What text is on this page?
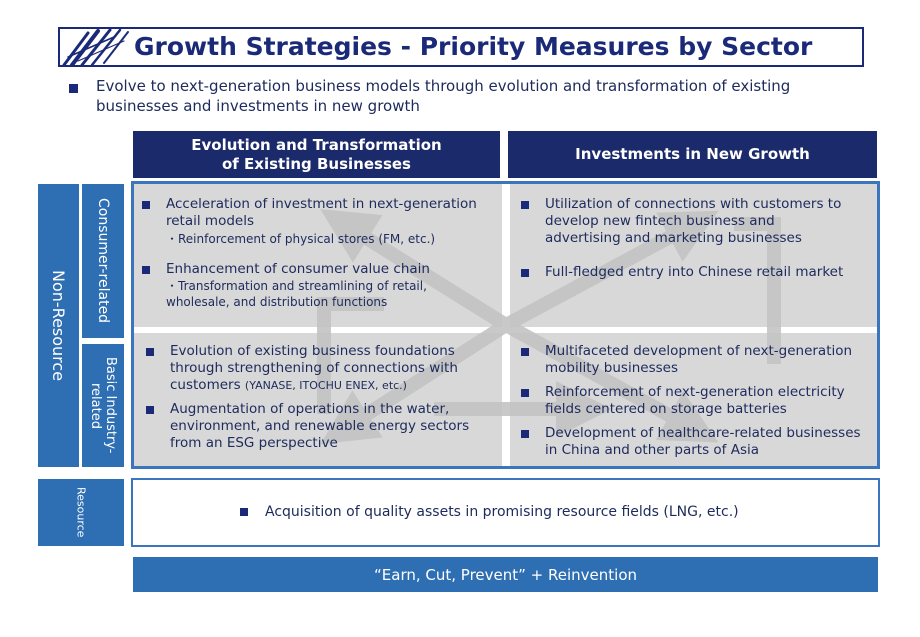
Growth Strategies - Priority Measures by Sector
Evolve to next-generation business models through evolution and transformation of existing businesses and investments in new growth
Evolution and Transformation of Existing Businesses
Investments in New Growth
Non-Resource
Consumer-related
Basic Industry-related
Resource
Acceleration of investment in next-generation retail models
・Reinforcement of physical stores (FM, etc.)
Enhancement of consumer value chain
・Transformation and streamlining of retail, wholesale, and distribution functions
Utilization of connections with customers to develop new fintech business and advertising and marketing businesses
Full-fledged entry into Chinese retail market
Evolution of existing business foundations through strengthening of connections with customers (YANASE, ITOCHU ENEX, etc.)
Augmentation of operations in the water, environment, and renewable energy sectors from an ESG perspective
Multifaceted development of next-generation mobility businesses
Reinforcement of next-generation electricity fields centered on storage batteries
Development of healthcare-related businesses in China and other parts of Asia
Acquisition of quality assets in promising resource fields (LNG, etc.)
“Earn, Cut, Prevent” + Reinvention
